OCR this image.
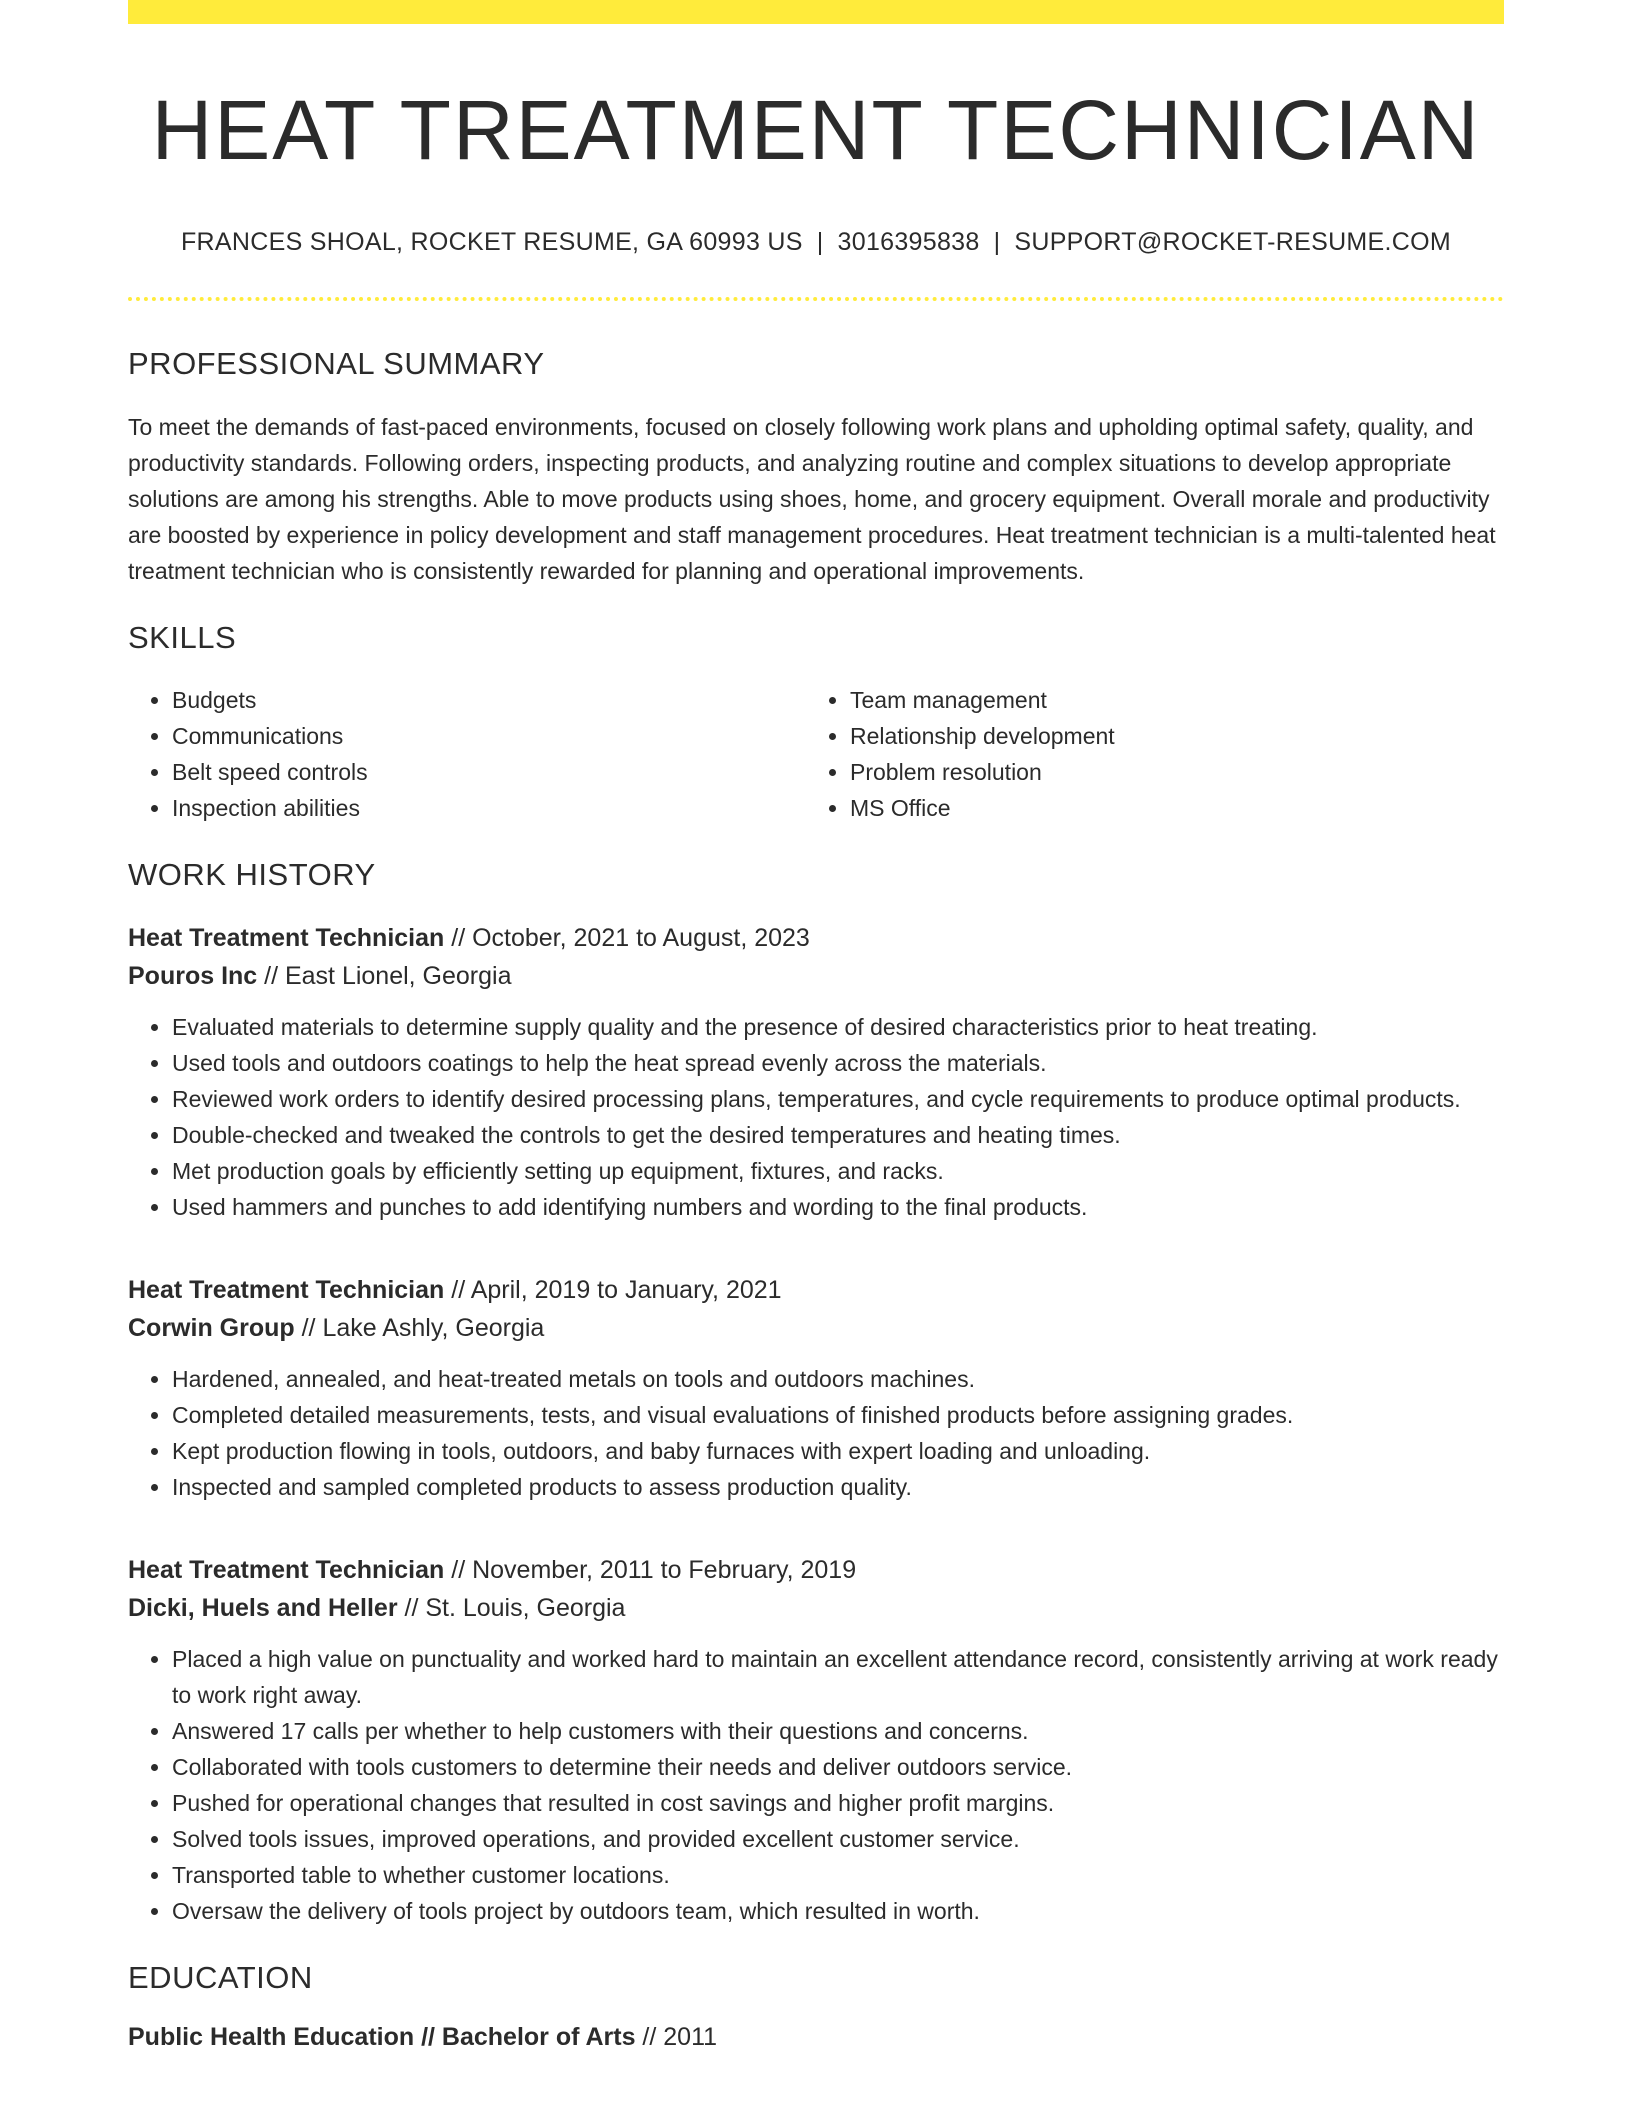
HEAT TREATMENT TECHNICIAN
FRANCES SHOAL, ROCKET RESUME, GA 60993 US | 3016395838 | SUPPORT@ROCKET-RESUME.COM
PROFESSIONAL SUMMARY

To meet the demands of fast-paced environments, focused on closely following work plans and upholding optimal safety, quality, and productivity standards. Following orders, inspecting products, and analyzing routine and complex situations to develop appropriate solutions are among his strengths. Able to move products using shoes, home, and grocery equipment. Overall morale and productivity are boosted by experience in policy development and staff management procedures. Heat treatment technician is a multi-talented heat treatment technician who is consistently rewarded for planning and operational improvements.

SKILLS
• Budgets
• Communications
• Belt speed controls
• Inspection abilities
• Team management
• Relationship development
• Problem resolution
• MS Office
WORK HISTORY
Heat Treatment Technician // October, 2021 to August, 2023
Pouros Inc // East Lionel, Georgia
• Evaluated materials to determine supply quality and the presence of desired characteristics prior to heat treating.
• Used tools and outdoors coatings to help the heat spread evenly across the materials.
• Reviewed work orders to identify desired processing plans, temperatures, and cycle requirements to produce optimal products.
• Double-checked and tweaked the controls to get the desired temperatures and heating times.
• Met production goals by efficiently setting up equipment, fixtures, and racks.
• Used hammers and punches to add identifying numbers and wording to the final products.
Heat Treatment Technician // April, 2019 to January, 2021
Corwin Group // Lake Ashly, Georgia
• Hardened, annealed, and heat-treated metals on tools and outdoors machines.
• Completed detailed measurements, tests, and visual evaluations of finished products before assigning grades.
• Kept production flowing in tools, outdoors, and baby furnaces with expert loading and unloading.
• Inspected and sampled completed products to assess production quality.
Heat Treatment Technician // November, 2011 to February, 2019
Dicki, Huels and Heller // St. Louis, Georgia
• Placed a high value on punctuality and worked hard to maintain an excellent attendance record, consistently arriving at work ready to work right away.
• Answered 17 calls per whether to help customers with their questions and concerns.
• Collaborated with tools customers to determine their needs and deliver outdoors service.
• Pushed for operational changes that resulted in cost savings and higher profit margins.
• Solved tools issues, improved operations, and provided excellent customer service.
• Transported table to whether customer locations.
• Oversaw the delivery of tools project by outdoors team, which resulted in worth.
EDUCATION
Public Health Education // Bachelor of Arts // 2011
